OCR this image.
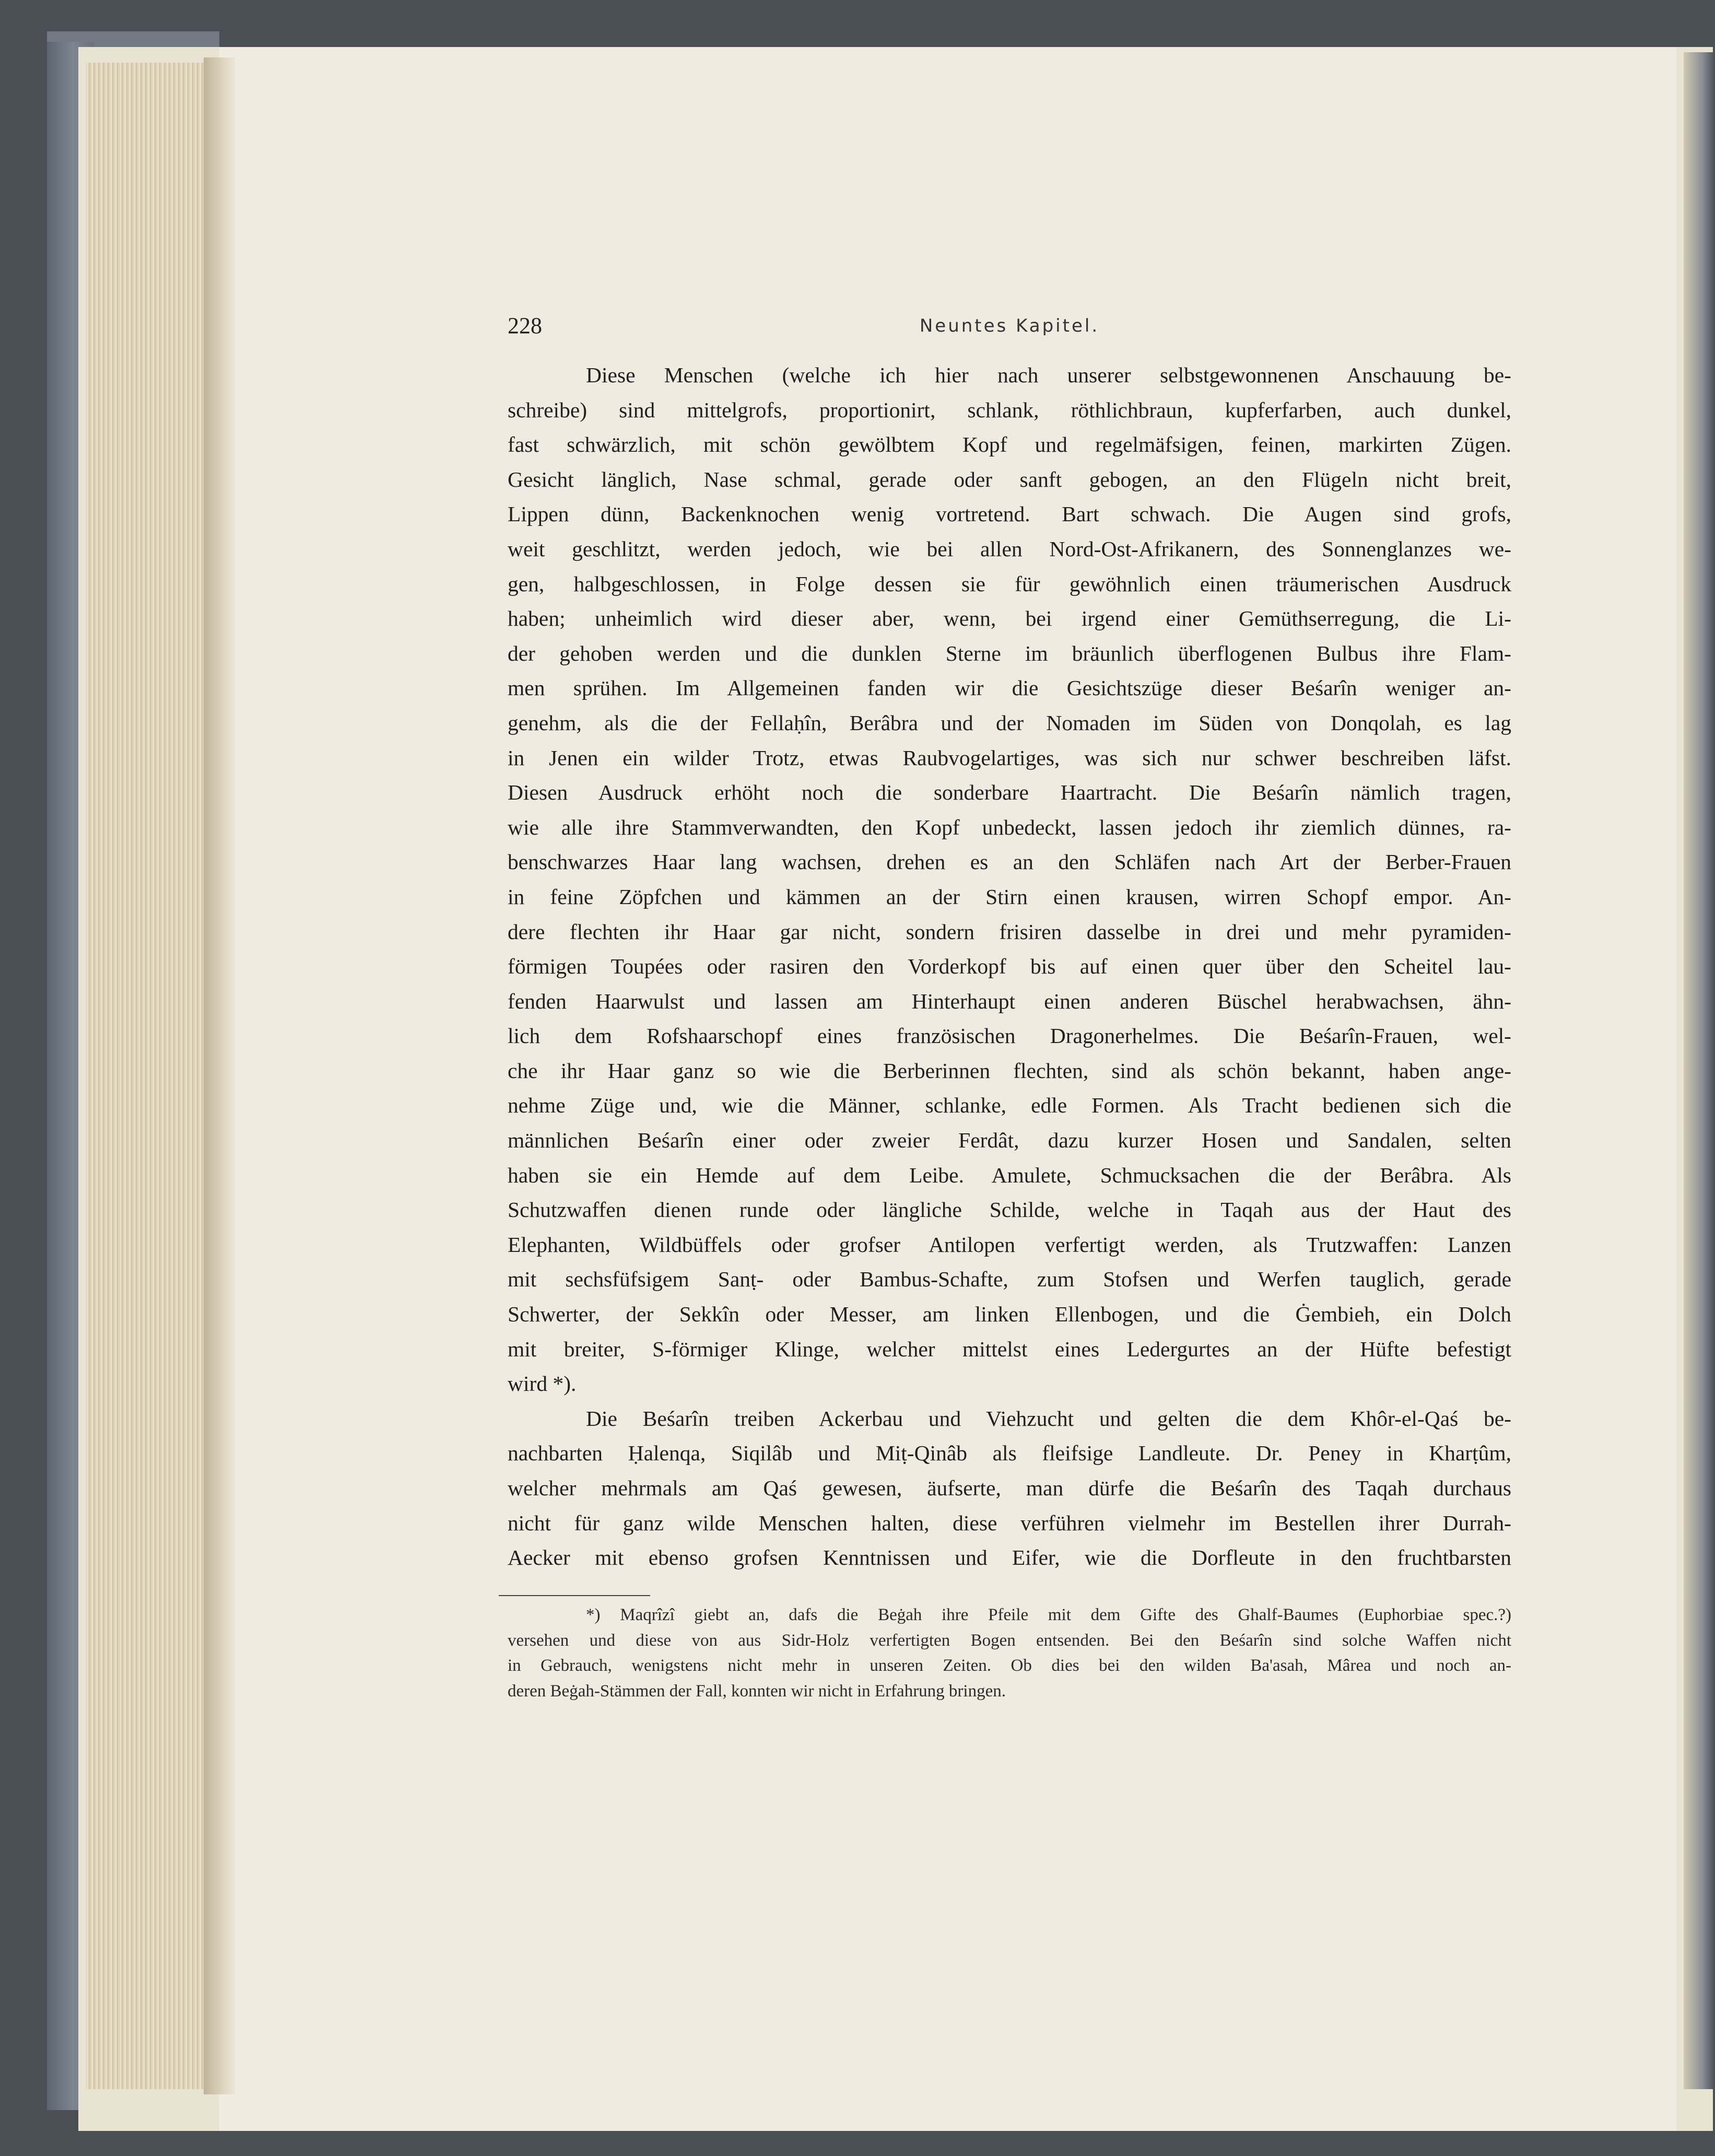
228	Neuntes Kapitel.
Diese Menschen (welche ich hier nach unserer selbstgewonnenen Anschauung be-
schreibe) sind mittelgrofs, proportionirt, schlank, röthlichbraun, kupferfarben, auch dunkel,
fast schwärzlich, mit schön gewölbtem Kopf und regelmäfsigen, feinen, markirten Zügen.
Gesicht länglich, Nase schmal, gerade oder sanft gebogen, an den Flügeln nicht breit,
Lippen dünn, Backenknochen wenig vortretend. Bart schwach. Die Augen sind grofs,
weit geschlitzt, werden jedoch, wie bei allen Nord-Ost-Afrikanern, des Sonnenglanzes we-
gen, halbgeschlossen, in Folge dessen sie für gewöhnlich einen träumerischen Ausdruck
haben; unheimlich wird dieser aber, wenn, bei irgend einer Gemüthserregung, die Li-
der gehoben werden und die dunklen Sterne im bräunlich überflogenen Bulbus ihre Flam-
men sprühen. Im Allgemeinen fanden wir die Gesichtszüge dieser Beśarîn weniger an-
genehm, als die der Fellaḥîn, Berâbra und der Nomaden im Süden von Donqolah, es lag
in Jenen ein wilder Trotz, etwas Raubvogelartiges, was sich nur schwer beschreiben läfst.
Diesen Ausdruck erhöht noch die sonderbare Haartracht. Die Beśarîn nämlich tragen,
wie alle ihre Stammverwandten, den Kopf unbedeckt, lassen jedoch ihr ziemlich dünnes, ra-
benschwarzes Haar lang wachsen, drehen es an den Schläfen nach Art der Berber-Frauen
in feine Zöpfchen und kämmen an der Stirn einen krausen, wirren Schopf empor. An-
dere flechten ihr Haar gar nicht, sondern frisiren dasselbe in drei und mehr pyramiden-
förmigen Toupées oder rasiren den Vorderkopf bis auf einen quer über den Scheitel lau-
fenden Haarwulst und lassen am Hinterhaupt einen anderen Büschel herabwachsen, ähn-
lich dem Rofshaarschopf eines französischen Dragonerhelmes. Die Beśarîn-Frauen, wel-
che ihr Haar ganz so wie die Berberinnen flechten, sind als schön bekannt, haben ange-
nehme Züge und, wie die Männer, schlanke, edle Formen. Als Tracht bedienen sich die
männlichen Beśarîn einer oder zweier Ferdât, dazu kurzer Hosen und Sandalen, selten
haben sie ein Hemde auf dem Leibe. Amulete, Schmucksachen die der Berâbra. Als
Schutzwaffen dienen runde oder längliche Schilde, welche in Taqah aus der Haut des
Elephanten, Wildbüffels oder grofser Antilopen verfertigt werden, als Trutzwaffen: Lanzen
mit sechsfüfsigem Sanṭ- oder Bambus-Schafte, zum Stofsen und Werfen tauglich, gerade
Schwerter, der Sekkîn oder Messer, am linken Ellenbogen, und die Ġembieh, ein Dolch
mit breiter, S-förmiger Klinge, welcher mittelst eines Ledergurtes an der Hüfte befestigt
wird *).
Die Beśarîn treiben Ackerbau und Viehzucht und gelten die dem Khôr-el-Qaś be-
nachbarten Ḥalenqa, Siqilâb und Miṭ-Qinâb als fleifsige Landleute. Dr. Peney in Kharṭûm,
welcher mehrmals am Qaś gewesen, äufserte, man dürfe die Beśarîn des Taqah durchaus
nicht für ganz wilde Menschen halten, diese verführen vielmehr im Bestellen ihrer Durrah-
Aecker mit ebenso grofsen Kenntnissen und Eifer, wie die Dorfleute in den fruchtbarsten
*) Maqrîzî giebt an, dafs die Beġah ihre Pfeile mit dem Gifte des Ghalf-Baumes (Euphorbiae spec.?)
versehen und diese von aus Sidr-Holz verfertigten Bogen entsenden. Bei den Beśarîn sind solche Waffen nicht
in Gebrauch, wenigstens nicht mehr in unseren Zeiten. Ob dies bei den wilden Ba'asah, Mârea und noch an-
deren Beġah-Stämmen der Fall, konnten wir nicht in Erfahrung bringen.
